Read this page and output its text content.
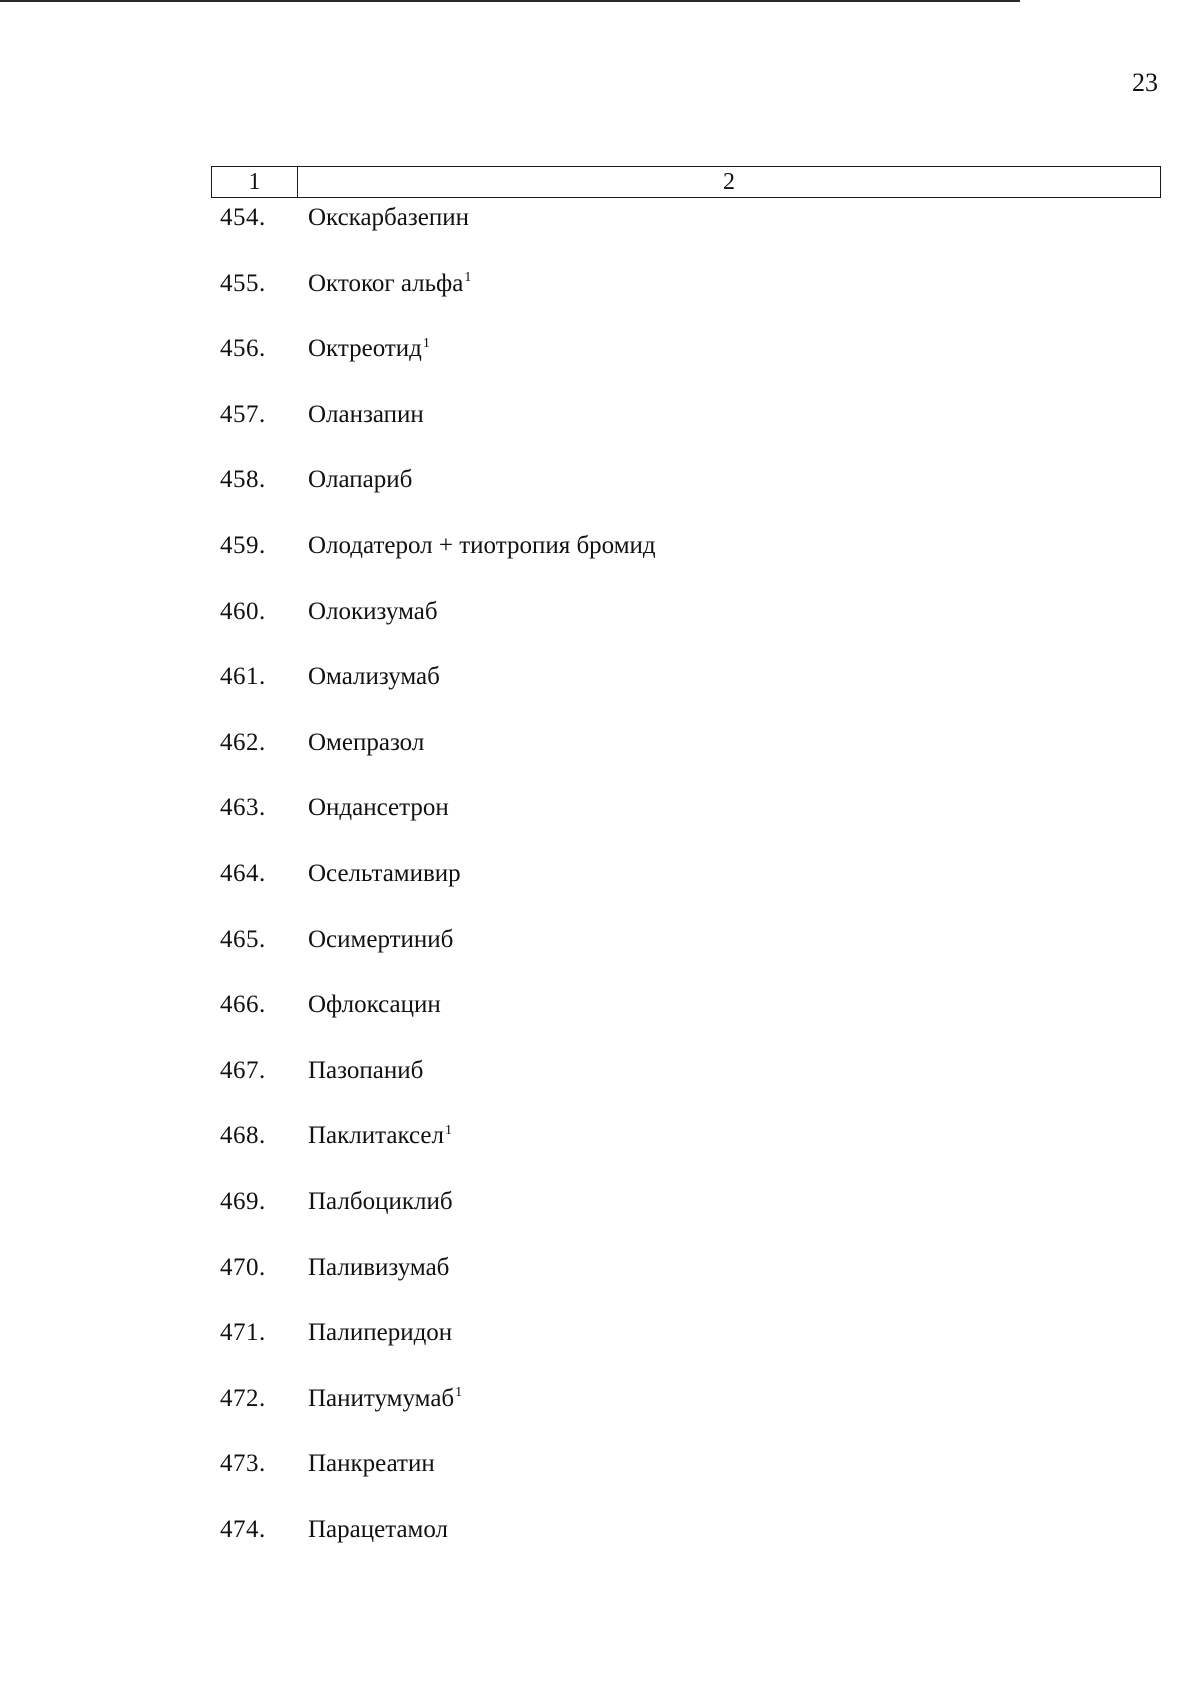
23
1	2
454.	Окскарбазепин
455.	Октоког альфа$^1$
456.	Октреотид$^1$
457.	Оланзапин
458.	Олапариб
459.	Олодатерол + тиотропия бромид
460.	Олокизумаб
461.	Омализумаб
462.	Омепразол
463.	Ондансетрон
464.	Осельтамивир
465.	Осимертиниб
466.	Офлоксацин
467.	Пазопаниб
468.	Паклитаксел$^1$
469.	Палбоциклиб
470.	Паливизумаб
471.	Палиперидон
472.	Панитумумаб$^1$
473.	Панкреатин
474.	Парацетамол
